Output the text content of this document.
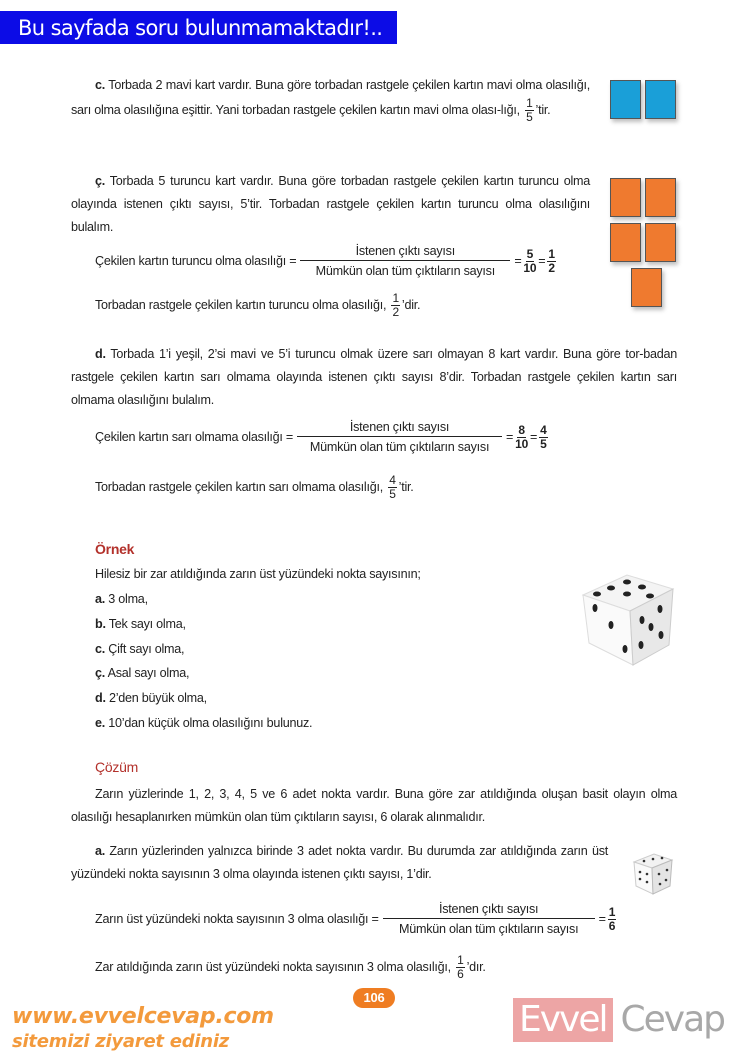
Bu sayfada soru bulunmamaktadır!..
c. Torbada 2 mavi kart vardır. Buna göre torbadan rastgele çekilen kartın mavi olma olasılığı, sarı olma olasılığına eşittir. Yani torbadan rastgele çekilen kartın mavi olma olası-lığı, $\frac{1}{5}$ ’tir.
ç. Torbada 5 turuncu kart vardır. Buna göre torbadan rastgele çekilen kartın turuncu olma olayında istenen çıktı sayısı, 5’tir. Torbadan rastgele çekilen kartın turuncu olma olasılığını bulalım.
Çekilen kartın turuncu olma olasılığı =
İstenen çıktı sayısı
Mümkün olan tüm çıktıların sayısı
= $\frac{5}{10} = \frac{1}{2}$
Torbadan rastgele çekilen kartın turuncu olma olasılığı, $\frac{1}{2}$ ’dir.
d. Torbada 1’i yeşil, 2’si mavi ve 5’i turuncu olmak üzere sarı olmayan 8 kart vardır. Buna göre tor-badan rastgele çekilen kartın sarı olmama olayında istenen çıktı sayısı 8’dir. Torbadan rastgele çekilen kartın sarı olmama olasılığını bulalım.
Çekilen kartın sarı olmama olasılığı =
İstenen çıktı sayısı
Mümkün olan tüm çıktıların sayısı
= $\frac{8}{10} = \frac{4}{5}$
Torbadan rastgele çekilen kartın sarı olmama olasılığı, $\frac{4}{5}$ ’tir.
Örnek
Hilesiz bir zar atıldığında zarın üst yüzündeki nokta sayısının;
a. 3 olma,
b. Tek sayı olma,
c. Çift sayı olma,
ç. Asal sayı olma,
d. 2’den büyük olma,
e. 10’dan küçük olma olasılığını bulunuz.
Çözüm
Zarın yüzlerinde 1, 2, 3, 4, 5 ve 6 adet nokta vardır. Buna göre zar atıldığında oluşan basit olayın olma olasılığı hesaplanırken mümkün olan tüm çıktıların sayısı, 6 olarak alınmalıdır.
a. Zarın yüzlerinden yalnızca birinde 3 adet nokta vardır. Bu durumda zar atıldığında zarın üst yüzündeki nokta sayısının 3 olma olayında istenen çıktı sayısı, 1’dir.
Zarın üst yüzündeki nokta sayısının 3 olma olasılığı =
İstenen çıktı sayısı
Mümkün olan tüm çıktıların sayısı
= $\frac{1}{6}$
Zar atıldığında zarın üst yüzündeki nokta sayısının 3 olma olasılığı, $\frac{1}{6}$ ’dır.
106
Evvel Cevap
www.evvelcevap.com
sitemizi ziyaret ediniz
